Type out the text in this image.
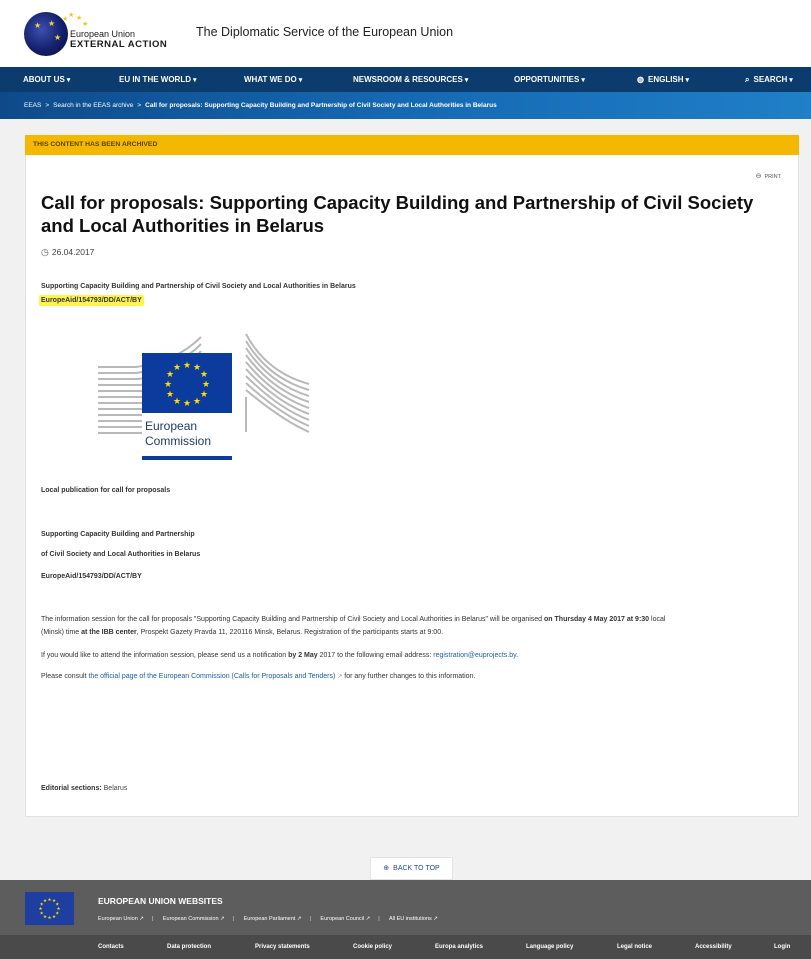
★ ★
★
★ ★
★
★
European Union
EXTERNAL ACTION
The Diplomatic Service of the European Union
ABOUT US ▾	EU IN THE WORLD ▾	WHAT WE DO ▾	NEWSROOM & RESOURCES ▾	OPPORTUNITIES ▾	◍ ENGLISH ▾	⌕ SEARCH ▾
EEAS > Search in the EEAS archive > Call for proposals: Supporting Capacity Building and Partnership of Civil Society and Local Authorities in Belarus
THIS CONTENT HAS BEEN ARCHIVED
⊖ PRINT
Call for proposals: Supporting Capacity Building and Partnership of Civil Society and Local Authorities in Belarus
◷ 26.04.2017
Supporting Capacity Building and Partnership of Civil Society and Local Authorities in Belarus
EuropeAid/154793/DD/ACT/BY
★ ★
★
★
★
★
★
★
★
★
★
★
European
Commission
Local publication for call for proposals
Supporting Capacity Building and Partnership
of Civil Society and Local Authorities in Belarus
EuropeAid/154793/DD/ACT/BY
The information session for the call for proposals "Supporting Capacity Building and Partnership of Civil Society and Local Authorities in Belarus" will be organised on Thursday 4 May 2017 at 9:30 local
(Minsk) time at the IBB center, Prospekt Gazety Pravda 11, 220116 Minsk, Belarus. Registration of the participants starts at 9:00.
If you would like to attend the information session, please send us a notification by 2 May 2017 to the following email address: registration@euprojects.by.
Please consult the official page of the European Commission (Calls for Proposals and Tenders) ↗ for any further changes to this information.
Editorial sections: Belarus
⊕ BACK TO TOP
★ ★
★
★
★
★
★
★
★
★
★
★	EUROPEAN UNION WEBSITES
European Union ↗ | European Commission ↗ | European Parliament ↗ | European Council ↗ | All EU institutions ↗
Contacts	Data protection	Privacy statements	Cookie policy	Europa analytics	Language policy	Legal notice	Accessibility	Login
